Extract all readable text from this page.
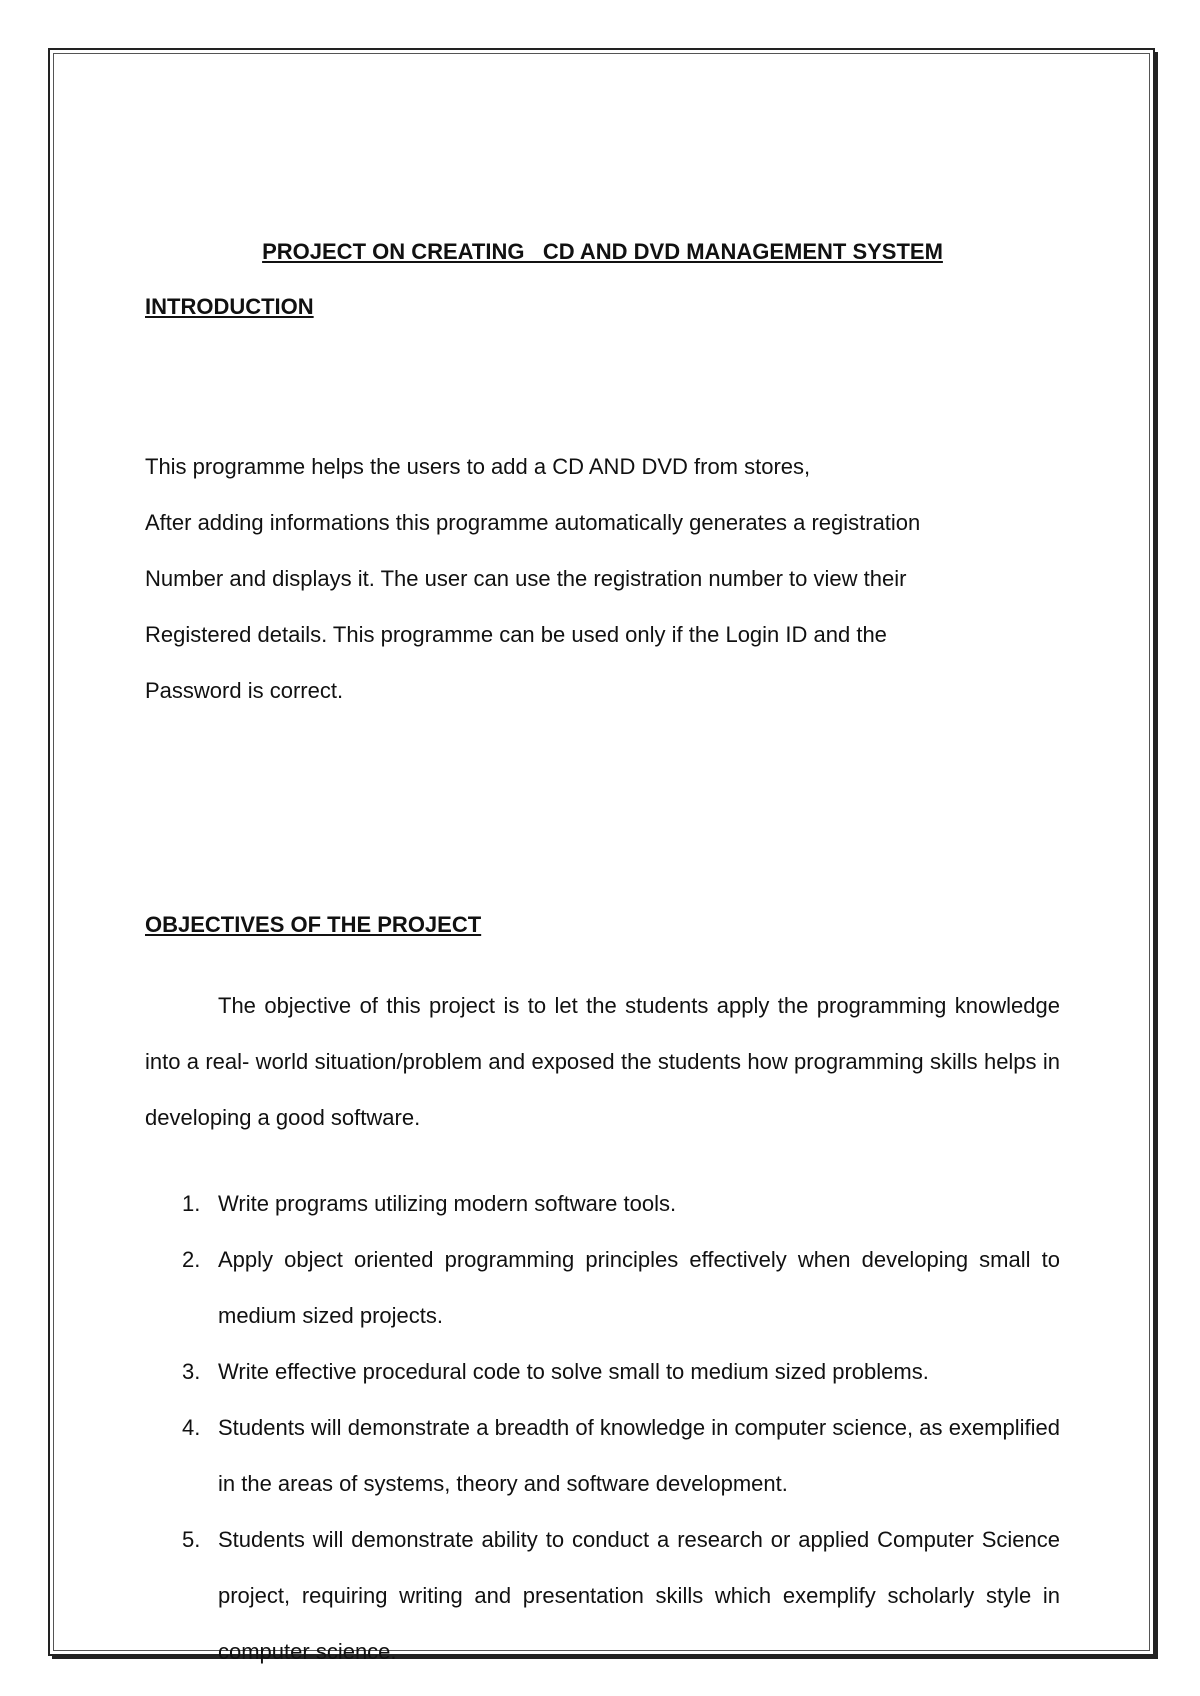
PROJECT ON CREATING   CD AND DVD MANAGEMENT SYSTEM
INTRODUCTION

This programme helps the users to add a CD AND DVD from stores,
After adding informations this programme automatically generates a registration
Number and displays it. The user can use the registration number to view their
Registered details. This programme can be used only if the Login ID and the
Password is correct.

OBJECTIVES OF THE PROJECT

The objective of this project is to let the students apply the programming knowledge into a real- world situation/problem and exposed the students how programming skills helps in developing a good software.

1. Write programs utilizing modern software tools.
2. Apply object oriented programming principles effectively when developing small to medium sized projects.
3. Write effective procedural code to solve small to medium sized problems.
4. Students will demonstrate a breadth of knowledge in computer science, as exemplified in the areas of systems, theory and software development.
5. Students will demonstrate ability to conduct a research or applied Computer Science project, requiring writing and presentation skills which exemplify scholarly style in computer science.
